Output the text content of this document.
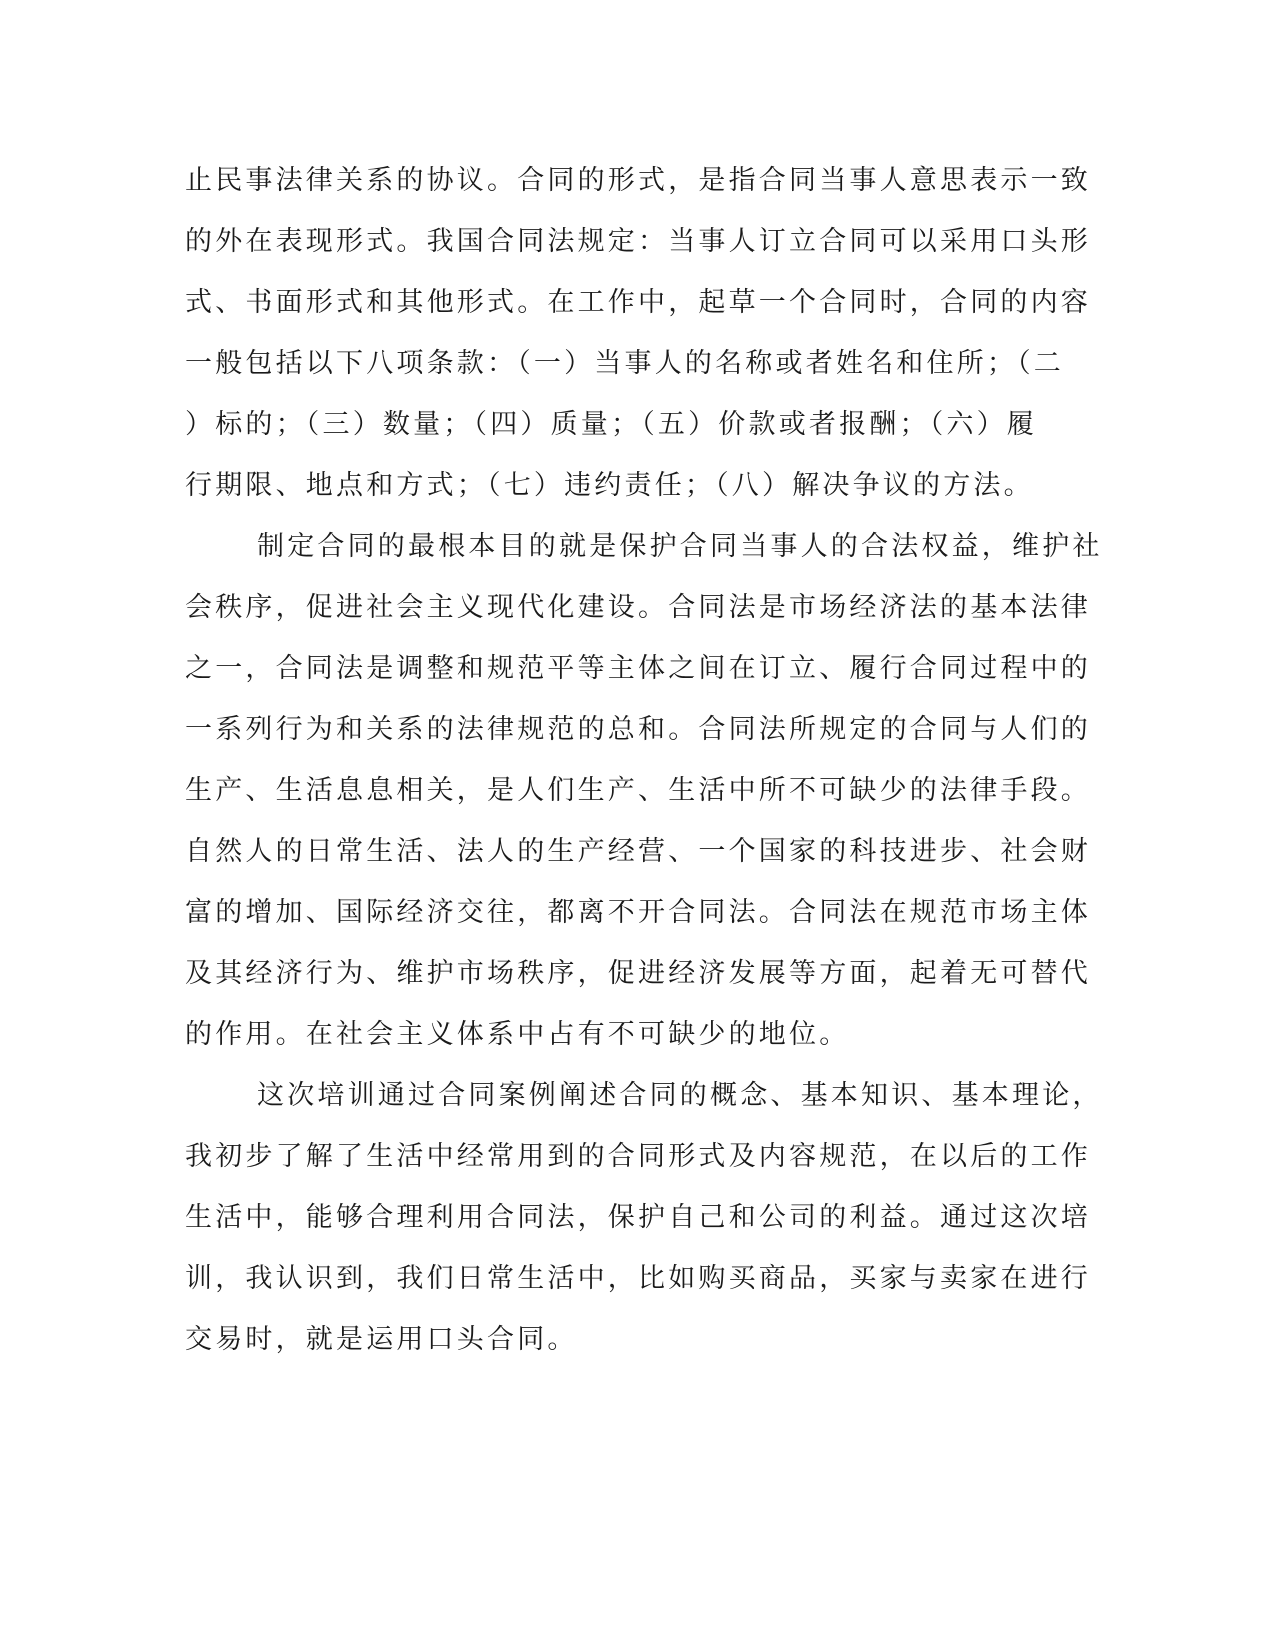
止民事法律关系的协议。合同的形式，是指合同当事人意思表示一致
的外在表现形式。我国合同法规定：当事人订立合同可以采用口头形
式、书面形式和其他形式。在工作中，起草一个合同时，合同的内容
一般包括以下八项条款：（一）当事人的名称或者姓名和住所；（二
）标的；（三）数量；（四）质量；（五）价款或者报酬；（六）履
行期限、地点和方式；（七）违约责任；（八）解决争议的方法。
制定合同的最根本目的就是保护合同当事人的合法权益，维护社
会秩序，促进社会主义现代化建设。合同法是市场经济法的基本法律
之一，合同法是调整和规范平等主体之间在订立、履行合同过程中的
一系列行为和关系的法律规范的总和。合同法所规定的合同与人们的
生产、生活息息相关，是人们生产、生活中所不可缺少的法律手段。
自然人的日常生活、法人的生产经营、一个国家的科技进步、社会财
富的增加、国际经济交往，都离不开合同法。合同法在规范市场主体
及其经济行为、维护市场秩序，促进经济发展等方面，起着无可替代
的作用。在社会主义体系中占有不可缺少的地位。
这次培训通过合同案例阐述合同的概念、基本知识、基本理论，
我初步了解了生活中经常用到的合同形式及内容规范，在以后的工作
生活中，能够合理利用合同法，保护自己和公司的利益。通过这次培
训，我认识到，我们日常生活中，比如购买商品，买家与卖家在进行
交易时，就是运用口头合同。
